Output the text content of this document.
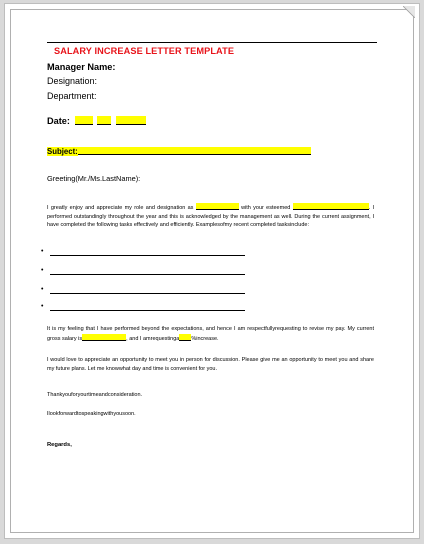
SALARY INCREASE LETTER TEMPLATE
Manager Name:
Designation:
Department:
Date:
Subject:
Greeting(Mr./Ms.LastName):
I greatly enjoy and appreciate my role and designation as	with your esteemed	. I performed outstandingly throughout the year and this is acknowledged by the management as well. During the current assignment, I have completed the following tasks effectively and efficiently. Examplesofmy recent completed tasksinclude:
•
•
•
•
It is my feeling that I have performed beyond the expectations, and hence I am respectfullyrequesting to revise my pay. My current gross salary is	, and I amrequestinga %increase.
I would love to appreciate an opportunity to meet you in person for discussion. Please give me an opportunity to meet you and share my future plans. Let me knowwhat day and time is convenient for you.
Thankyouforyourtimeandconsideration.
Ilookforwardtospeakingwithyousoon.
Regards,
